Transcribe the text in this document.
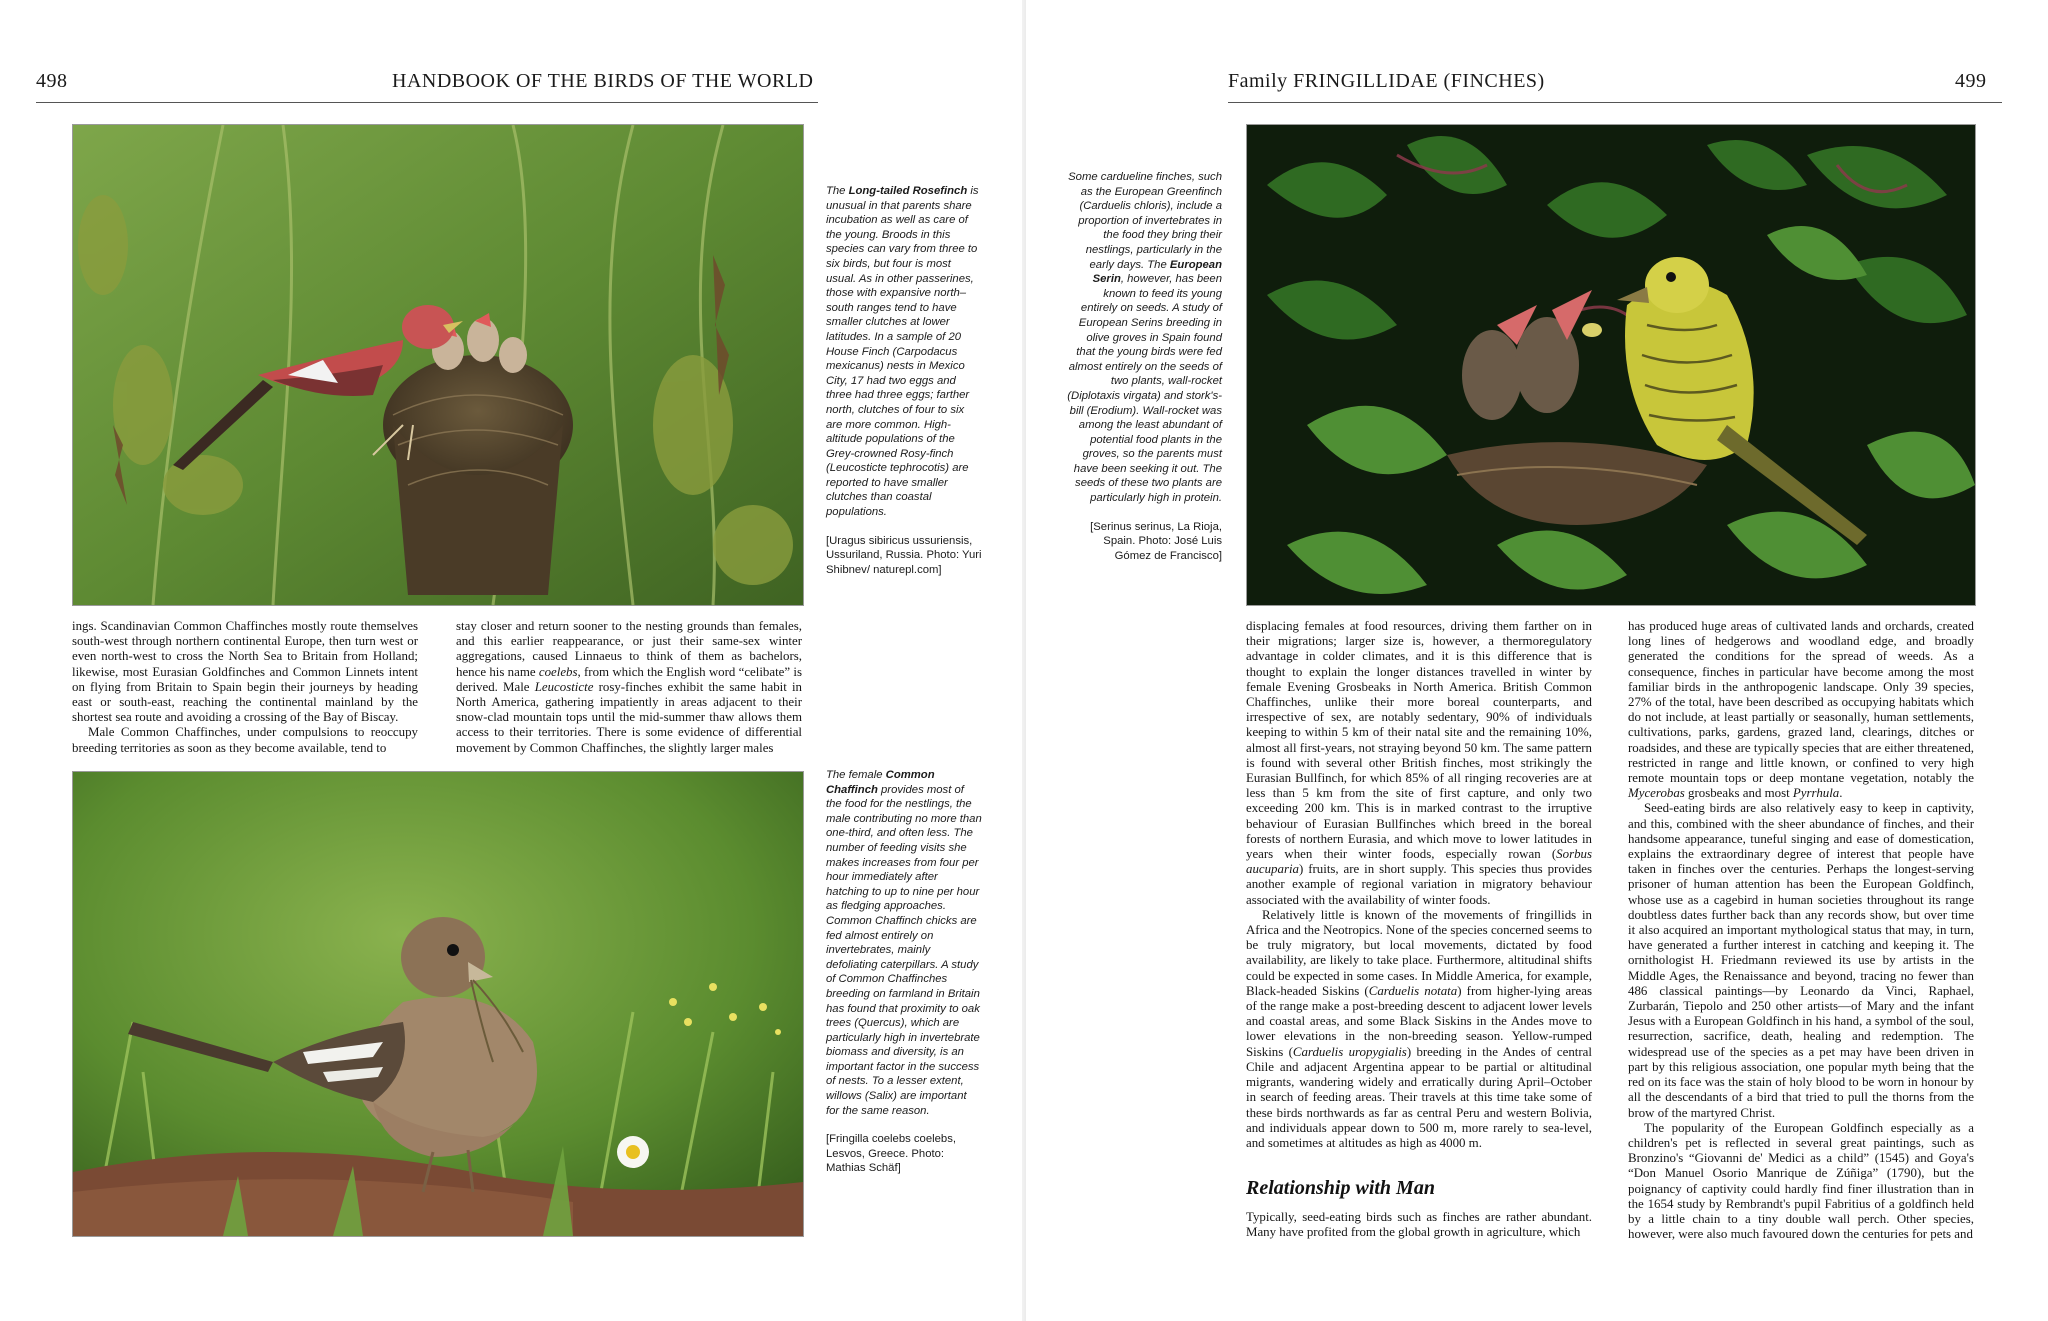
498	HANDBOOK OF THE BIRDS OF THE WORLD

The Long-tailed Rosefinch is unusual in that parents share incubation as well as care of the young. Broods in this species can vary from three to six birds, but four is most usual. As in other passerines, those with expansive north–south ranges tend to have smaller clutches at lower latitudes. In a sample of 20 House Finch (Carpodacus mexicanus) nests in Mexico City, 17 had two eggs and three had three eggs; farther north, clutches of four to six are more common. High-altitude populations of the Grey-crowned Rosy-finch (Leucosticte tephrocotis) are reported to have smaller clutches than coastal populations.

[Uragus sibiricus ussuriensis, Ussuriland, Russia. Photo: Yuri Shibnev/ naturepl.com]

ings. Scandinavian Common Chaffinches mostly route themselves south-west through northern continental Europe, then turn west or even north-west to cross the North Sea to Britain from Holland; likewise, most Eurasian Goldfinches and Common Linnets intent on flying from Britain to Spain begin their journeys by heading east or south-east, reaching the continental mainland by the shortest sea route and avoiding a crossing of the Bay of Biscay.

Male Common Chaffinches, under compulsions to reoccupy breeding territories as soon as they become available, tend to

stay closer and return sooner to the nesting grounds than females, and this earlier reappearance, or just their same-sex winter aggregations, caused Linnaeus to think of them as bachelors, hence his name coelebs, from which the English word “celibate” is derived. Male Leucosticte rosy-finches exhibit the same habit in North America, gathering impatiently in areas adjacent to their snow-clad mountain tops until the mid-summer thaw allows them access to their territories. There is some evidence of differential movement by Common Chaffinches, the slightly larger males

The female Common Chaffinch provides most of the food for the nestlings, the male contributing no more than one-third, and often less. The number of feeding visits she makes increases from four per hour immediately after hatching to up to nine per hour as fledging approaches. Common Chaffinch chicks are fed almost entirely on invertebrates, mainly defoliating caterpillars. A study of Common Chaffinches breeding on farmland in Britain has found that proximity to oak trees (Quercus), which are particularly high in invertebrate biomass and diversity, is an important factor in the success of nests. To a lesser extent, willows (Salix) are important for the same reason.

[Fringilla coelebs coelebs, Lesvos, Greece. Photo: Mathias Schäf]

Family FRINGILLIDAE (FINCHES)	499

Some carduelinе finches, such as the European Greenfinch (Carduelis chloris), include a proportion of invertebrates in the food they bring their nestlings, particularly in the early days. The European Serin, however, has been known to feed its young entirely on seeds. A study of European Serins breeding in olive groves in Spain found that the young birds were fed almost entirely on the seeds of two plants, wall-rocket (Diplotaxis virgata) and stork's-bill (Erodium). Wall-rocket was among the least abundant of potential food plants in the groves, so the parents must have been seeking it out. The seeds of these two plants are particularly high in protein.

[Serinus serinus, La Rioja, Spain. Photo: José Luis Gómez de Francisco]

displacing females at food resources, driving them farther on in their migrations; larger size is, however, a thermoregulatory advantage in colder climates, and it is this difference that is thought to explain the longer distances travelled in winter by female Evening Grosbeaks in North America. British Common Chaffinches, unlike their more boreal counterparts, and irrespective of sex, are notably sedentary, 90% of individuals keeping to within 5 km of their natal site and the remaining 10%, almost all first-years, not straying beyond 50 km. The same pattern is found with several other British finches, most strikingly the Eurasian Bullfinch, for which 85% of all ringing recoveries are at less than 5 km from the site of first capture, and only two exceeding 200 km. This is in marked contrast to the irruptive behaviour of Eurasian Bullfinches which breed in the boreal forests of northern Eurasia, and which move to lower latitudes in years when their winter foods, especially rowan (Sorbus aucuparia) fruits, are in short supply. This species thus provides another example of regional variation in migratory behaviour associated with the availability of winter foods.

Relatively little is known of the movements of fringillids in Africa and the Neotropics. None of the species concerned seems to be truly migratory, but local movements, dictated by food availability, are likely to take place. Furthermore, altitudinal shifts could be expected in some cases. In Middle America, for example, Black-headed Siskins (Carduelis notata) from higher-lying areas of the range make a post-breeding descent to adjacent lower levels and coastal areas, and some Black Siskins in the Andes move to lower elevations in the non-breeding season. Yellow-rumped Siskins (Carduelis uropygialis) breeding in the Andes of central Chile and adjacent Argentina appear to be partial or altitudinal migrants, wandering widely and erratically during April–October in search of feeding areas. Their travels at this time take some of these birds northwards as far as central Peru and western Bolivia, and individuals appear down to 500 m, more rarely to sea-level, and sometimes at altitudes as high as 4000 m.

Relationship with Man

Typically, seed-eating birds such as finches are rather abundant. Many have profited from the global growth in agriculture, which

has produced huge areas of cultivated lands and orchards, created long lines of hedgerows and woodland edge, and broadly generated the conditions for the spread of weeds. As a consequence, finches in particular have become among the most familiar birds in the anthropogenic landscape. Only 39 species, 27% of the total, have been described as occupying habitats which do not include, at least partially or seasonally, human settlements, cultivations, parks, gardens, grazed land, clearings, ditches or roadsides, and these are typically species that are either threatened, restricted in range and little known, or confined to very high remote mountain tops or deep montane vegetation, notably the Mycerobas grosbeaks and most Pyrrhula.

Seed-eating birds are also relatively easy to keep in captivity, and this, combined with the sheer abundance of finches, and their handsome appearance, tuneful singing and ease of domestication, explains the extraordinary degree of interest that people have taken in finches over the centuries. Perhaps the longest-serving prisoner of human attention has been the European Goldfinch, whose use as a cagebird in human societies throughout its range doubtless dates further back than any records show, but over time it also acquired an important mythological status that may, in turn, have generated a further interest in catching and keeping it. The ornithologist H. Friedmann reviewed its use by artists in the Middle Ages, the Renaissance and beyond, tracing no fewer than 486 classical paintings—by Leonardo da Vinci, Raphael, Zurbarán, Tiepolo and 250 other artists—of Mary and the infant Jesus with a European Goldfinch in his hand, a symbol of the soul, resurrection, sacrifice, death, healing and redemption. The widespread use of the species as a pet may have been driven in part by this religious association, one popular myth being that the red on its face was the stain of holy blood to be worn in honour by all the descendants of a bird that tried to pull the thorns from the brow of the martyred Christ.

The popularity of the European Goldfinch especially as a children's pet is reflected in several great paintings, such as Bronzino's “Giovanni de' Medici as a child” (1545) and Goya's “Don Manuel Osorio Manrique de Zúñiga” (1790), but the poignancy of captivity could hardly find finer illustration than in the 1654 study by Rembrandt's pupil Fabritius of a goldfinch held by a little chain to a tiny double wall perch. Other species, however, were also much favoured down the centuries for pets and
